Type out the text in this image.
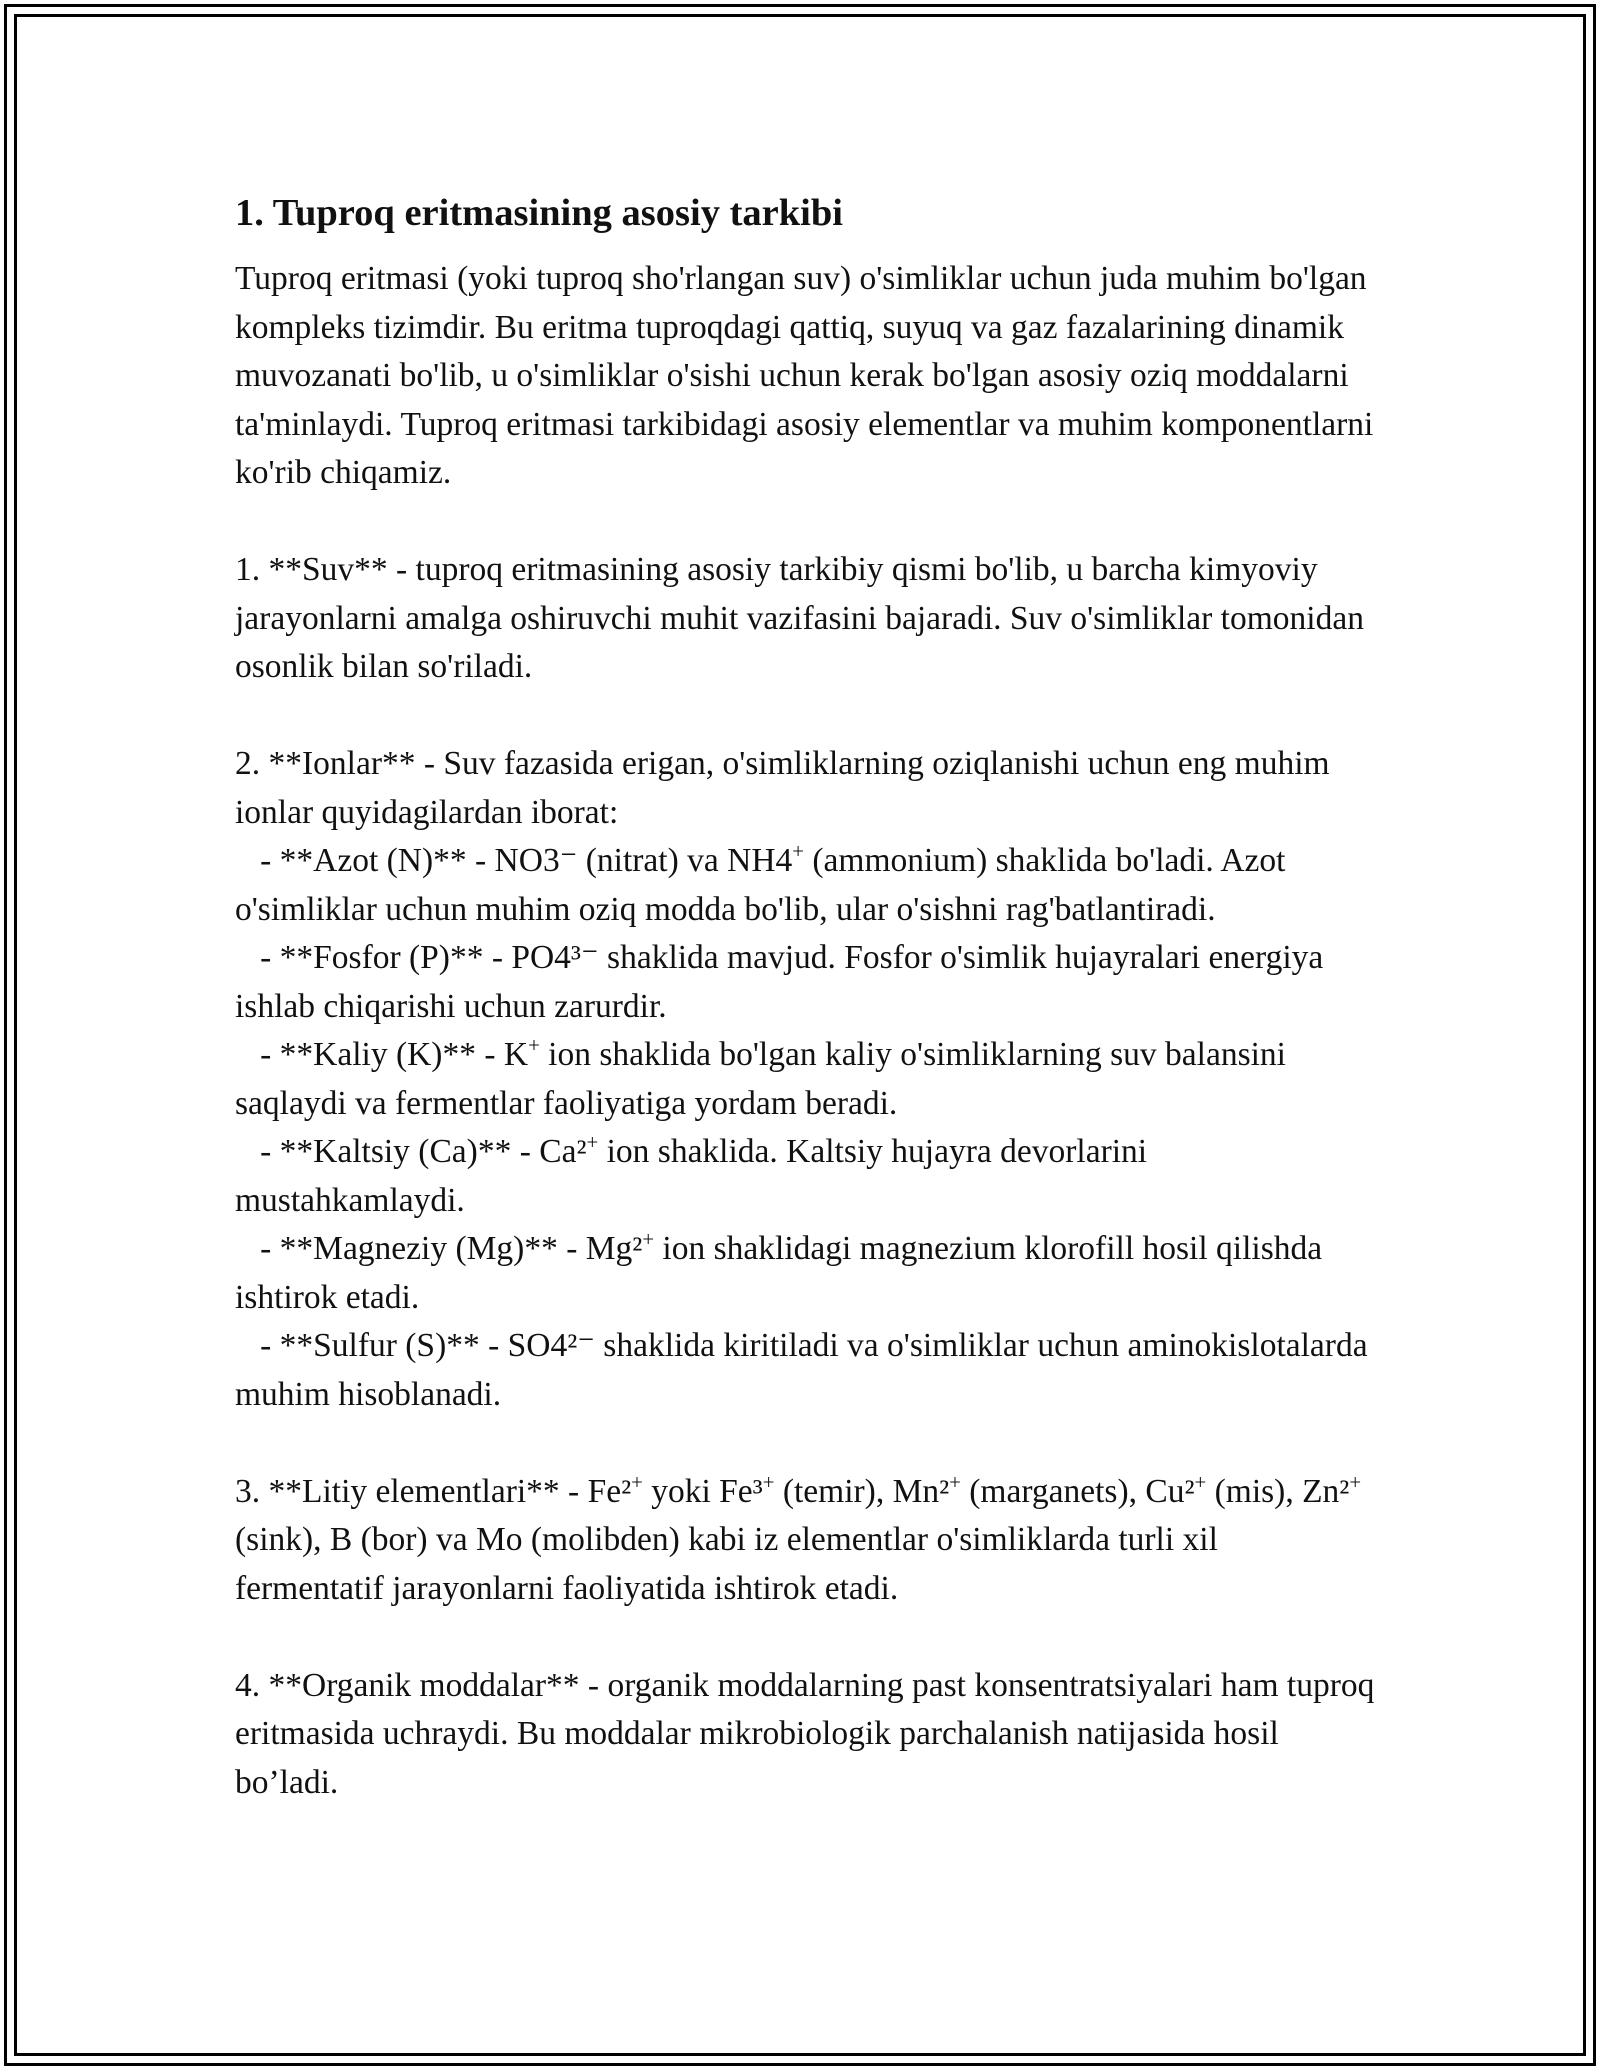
1. Tuproq eritmasining asosiy tarkibi

Tuproq eritmasi (yoki tuproq sho'rlangan suv) o'simliklar uchun juda muhim bo'lgan kompleks tizimdir. Bu eritma tuproqdagi qattiq, suyuq va gaz fazalarining dinamik muvozanati bo'lib, u o'simliklar o'sishi uchun kerak bo'lgan asosiy oziq moddalarni ta'minlaydi. Tuproq eritmasi tarkibidagi asosiy elementlar va muhim komponentlarni ko'rib chiqamiz.

1. **Suv** - tuproq eritmasining asosiy tarkibiy qismi bo'lib, u barcha kimyoviy jarayonlarni amalga oshiruvchi muhit vazifasini bajaradi. Suv o'simliklar tomonidan osonlik bilan so'riladi.

2. **Ionlar** - Suv fazasida erigan, o'simliklarning oziqlanishi uchun eng muhim ionlar quyidagilardan iborat:
- **Azot (N)** - NO3⁻ (nitrat) va NH4+ (ammonium) shaklida bo'ladi. Azot o'simliklar uchun muhim oziq modda bo'lib, ular o'sishni rag'batlantiradi.
- **Fosfor (P)** - PO4³⁻ shaklida mavjud. Fosfor o'simlik hujayralari energiya ishlab chiqarishi uchun zarurdir.
- **Kaliy (K)** - K+ ion shaklida bo'lgan kaliy o'simliklarning suv balansini saqlaydi va fermentlar faoliyatiga yordam beradi.
- **Kaltsiy (Ca)** - Ca²+ ion shaklida. Kaltsiy hujayra devorlarini mustahkamlaydi.
- **Magneziy (Mg)** - Mg²+ ion shaklidagi magnezium klorofill hosil qilishda ishtirok etadi.
- **Sulfur (S)** - SO4²⁻ shaklida kiritiladi va o'simliklar uchun aminokislotalarda muhim hisoblanadi.

3. **Litiy elementlari** - Fe²+ yoki Fe³+ (temir), Mn²+ (marganets), Cu²+ (mis), Zn²+ (sink), B (bor) va Mo (molibden) kabi iz elementlar o'simliklarda turli xil fermentatif jarayonlarni faoliyatida ishtirok etadi.

4. **Organik moddalar** - organik moddalarning past konsentratsiyalari ham tuproq eritmasida uchraydi. Bu moddalar mikrobiologik parchalanish natijasida hosil bo’ladi.
